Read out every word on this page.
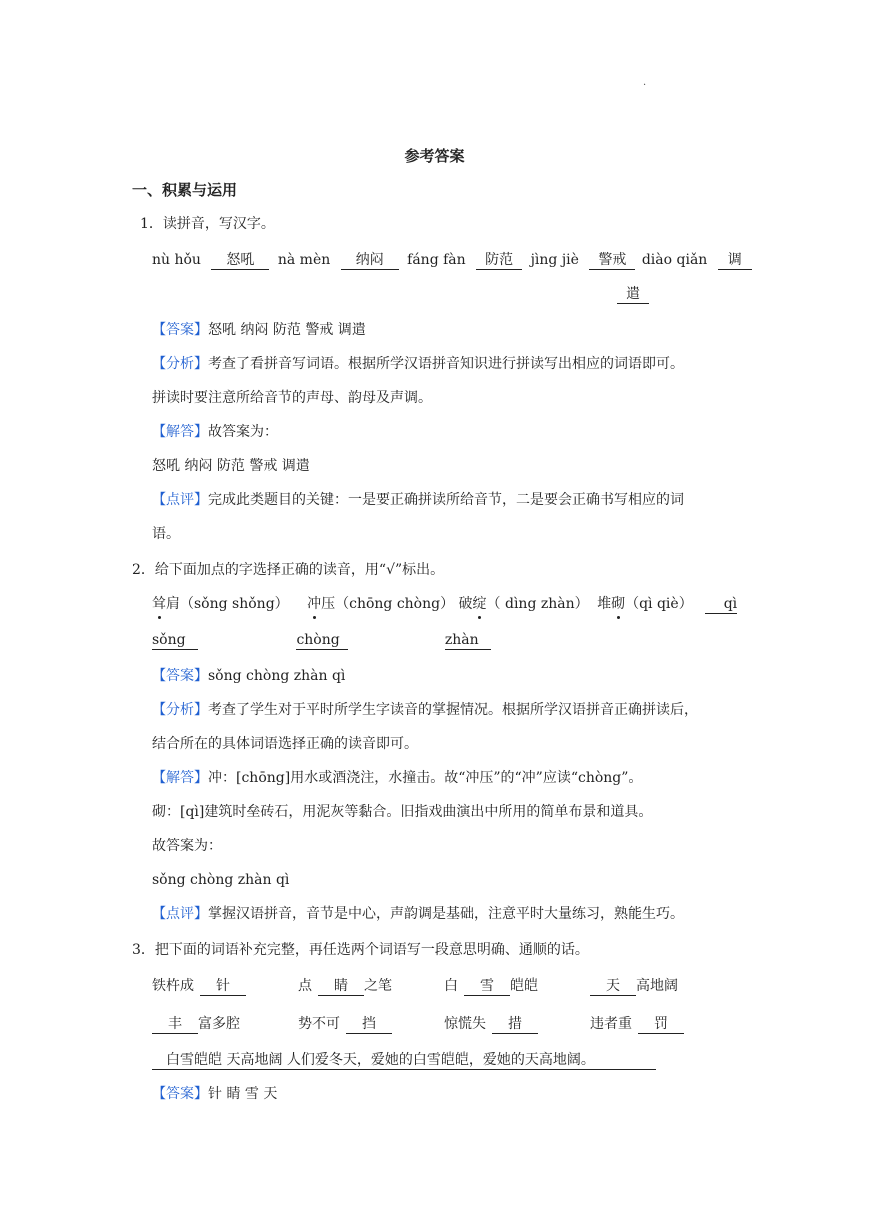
·
参考答案
一、积累与运用
1．读拼音，写汉字。
nù hǒu 怒吼 nà mèn 纳闷 fáng fàn 防范 jìng jiè 警戒 diào qiǎn 调
遣
【答案】怒吼 纳闷 防范 警戒 调遣
【分析】考查了看拼音写词语。根据所学汉语拼音知识进行拼读写出相应的词语即可。
拼读时要注意所给音节的声母、韵母及声调。
【解答】故答案为：
怒吼 纳闷 防范 警戒 调遣
【点评】完成此类题目的关键：一是要正确拼读所给音节，二是要会正确书写相应的词
语。
2．给下面加点的字选择正确的读音，用“√”标出。
耸肩（sǒng shǒng） 冲压（chōng chòng） 破绽（ dìng zhàn） 堆砌（qì qiè） qì
sǒng	chòng	zhàn
【答案】sǒng chòng zhàn qì
【分析】考查了学生对于平时所学生字读音的掌握情况。根据所学汉语拼音正确拼读后，
结合所在的具体词语选择正确的读音即可。
【解答】冲：[chōng]用水或酒浇注，水撞击。故“冲压”的“冲”应读“chòng”。
砌：[qì]建筑时垒砖石，用泥灰等黏合。旧指戏曲演出中所用的简单布景和道具。
故答案为：
sǒng chòng zhàn qì
【点评】掌握汉语拼音，音节是中心，声韵调是基础，注意平时大量练习，熟能生巧。
3．把下面的词语补充完整，再任选两个词语写一段意思明确、通顺的话。
铁杵成 针	点 睛 之笔	白 雪 皑皑	天 高地阔
丰 富多腔	势不可 挡	惊慌失 措	违者重 罚
白雪皑皑 天高地阔 人们爱冬天，爱她的白雪皑皑，爱她的天高地阔。
【答案】针 睛 雪 天
